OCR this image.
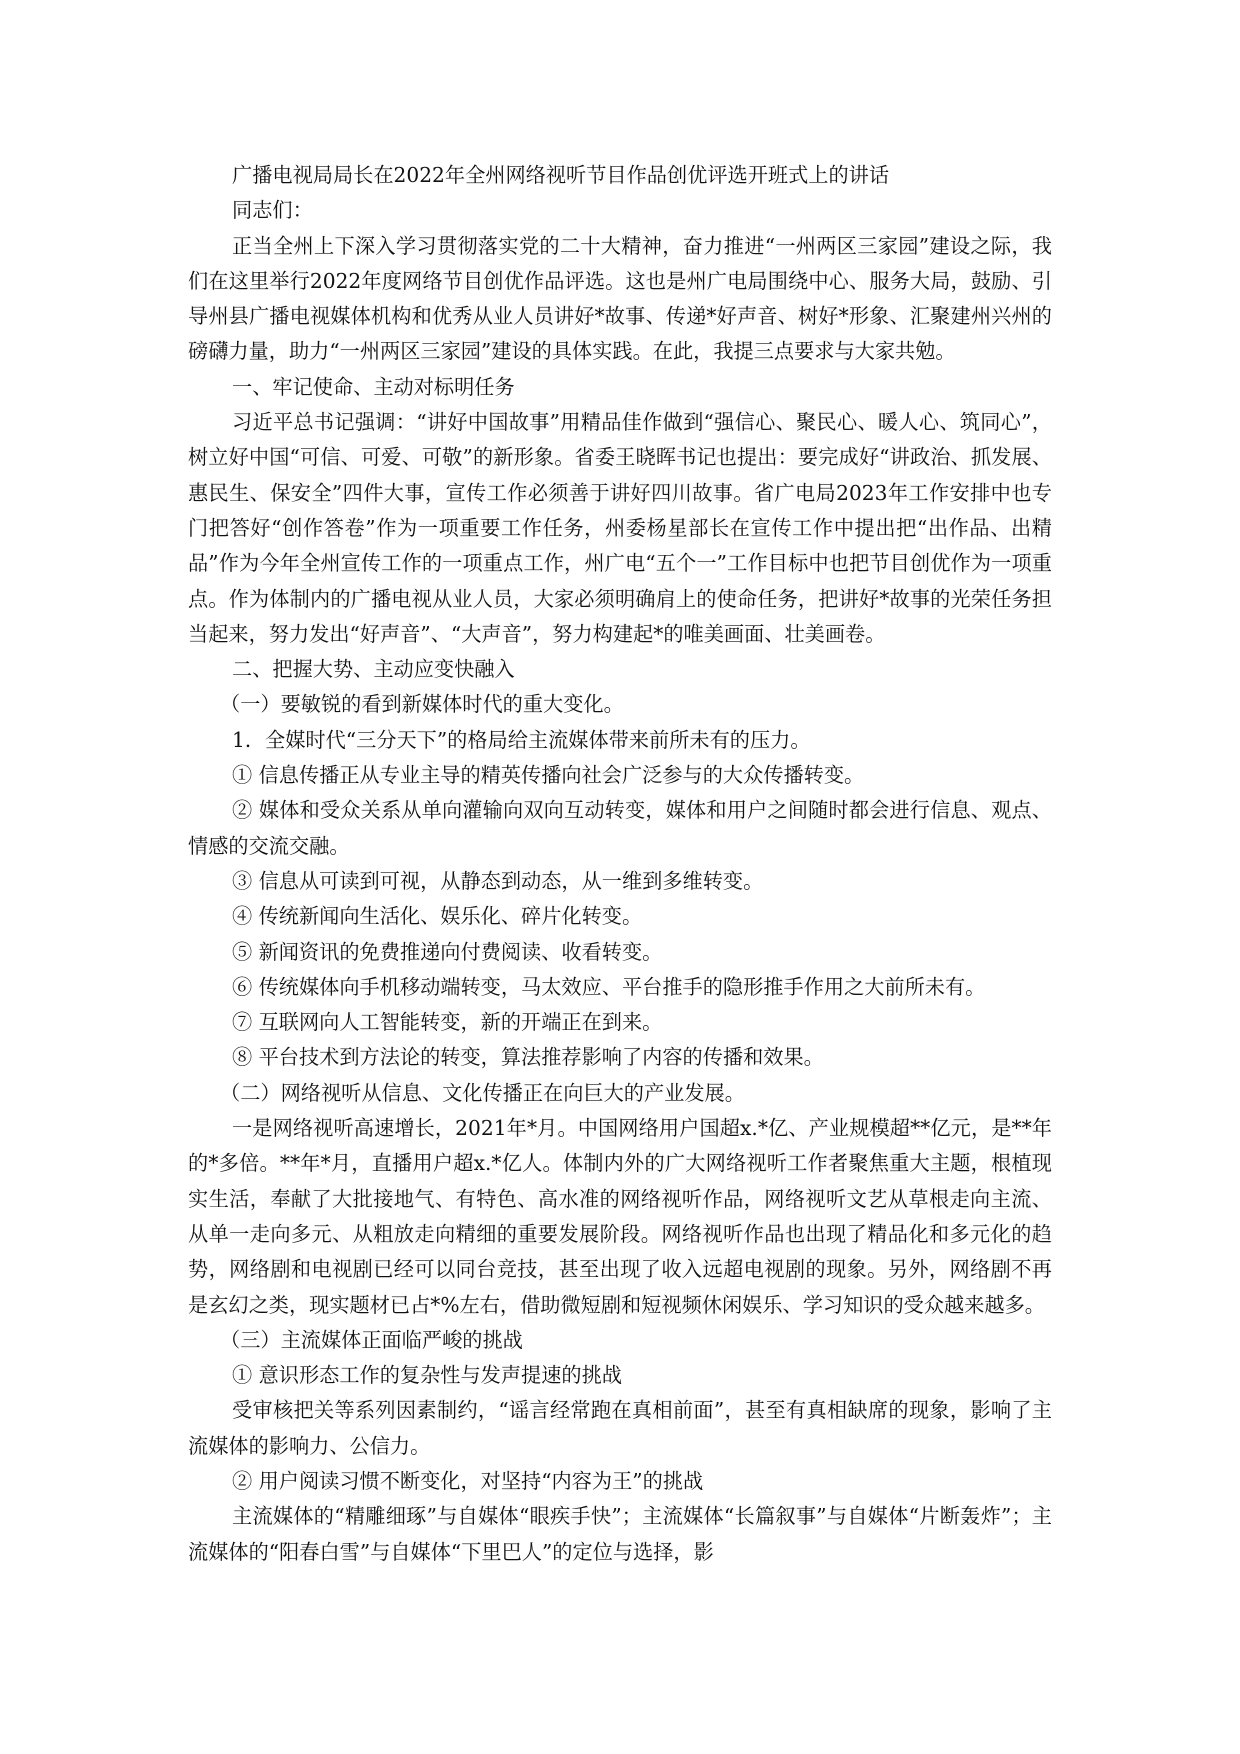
广播电视局局长在2022年全州网络视听节目作品创优评选开班式上的讲话

同志们：

正当全州上下深入学习贯彻落实党的二十大精神，奋力推进“一州两区三家园”建设之际，我们在这里举行2022年度网络节目创优作品评选。这也是州广电局围绕中心、服务大局，鼓励、引导州县广播电视媒体机构和优秀从业人员讲好*故事、传递*好声音、树好*形象、汇聚建州兴州的磅礴力量，助力“一州两区三家园”建设的具体实践。在此，我提三点要求与大家共勉。

一、牢记使命、主动对标明任务

习近平总书记强调：“讲好中国故事”用精品佳作做到“强信心、聚民心、暖人心、筑同心”，树立好中国“可信、可爱、可敬”的新形象。省委王晓晖书记也提出：要完成好“讲政治、抓发展、惠民生、保安全”四件大事，宣传工作必须善于讲好四川故事。省广电局2023年工作安排中也专门把答好“创作答卷”作为一项重要工作任务，州委杨星部长在宣传工作中提出把“出作品、出精品”作为今年全州宣传工作的一项重点工作，州广电“五个一”工作目标中也把节目创优作为一项重点。作为体制内的广播电视从业人员，大家必须明确肩上的使命任务，把讲好*故事的光荣任务担当起来，努力发出“好声音”、“大声音”，努力构建起*的唯美画面、壮美画卷。

二、把握大势、主动应变快融入

（一）要敏锐的看到新媒体时代的重大变化。

1．全媒时代“三分天下”的格局给主流媒体带来前所未有的压力。

① 信息传播正从专业主导的精英传播向社会广泛参与的大众传播转变。

② 媒体和受众关系从单向灌输向双向互动转变，媒体和用户之间随时都会进行信息、观点、情感的交流交融。

③ 信息从可读到可视，从静态到动态，从一维到多维转变。

④ 传统新闻向生活化、娱乐化、碎片化转变。

⑤ 新闻资讯的免费推递向付费阅读、收看转变。

⑥ 传统媒体向手机移动端转变，马太效应、平台推手的隐形推手作用之大前所未有。

⑦ 互联网向人工智能转变，新的开端正在到来。

⑧ 平台技术到方法论的转变，算法推荐影响了内容的传播和效果。

（二）网络视听从信息、文化传播正在向巨大的产业发展。

一是网络视听高速增长，2021年*月。中国网络用户国超x.*亿、产业规模超**亿元，是**年的*多倍。**年*月，直播用户超x.*亿人。体制内外的广大网络视听工作者聚焦重大主题，根植现实生活，奉献了大批接地气、有特色、高水准的网络视听作品，网络视听文艺从草根走向主流、从单一走向多元、从粗放走向精细的重要发展阶段。网络视听作品也出现了精品化和多元化的趋势，网络剧和电视剧已经可以同台竞技，甚至出现了收入远超电视剧的现象。另外，网络剧不再是玄幻之类，现实题材已占*%左右，借助微短剧和短视频休闲娱乐、学习知识的受众越来越多。

（三）主流媒体正面临严峻的挑战

① 意识形态工作的复杂性与发声提速的挑战

受审核把关等系列因素制约，“谣言经常跑在真相前面”，甚至有真相缺席的现象，影响了主流媒体的影响力、公信力。

② 用户阅读习惯不断变化，对坚持“内容为王”的挑战

主流媒体的“精雕细琢”与自媒体“眼疾手快”；主流媒体“长篇叙事”与自媒体“片断轰炸”；主流媒体的“阳春白雪”与自媒体“下里巴人”的定位与选择，影
